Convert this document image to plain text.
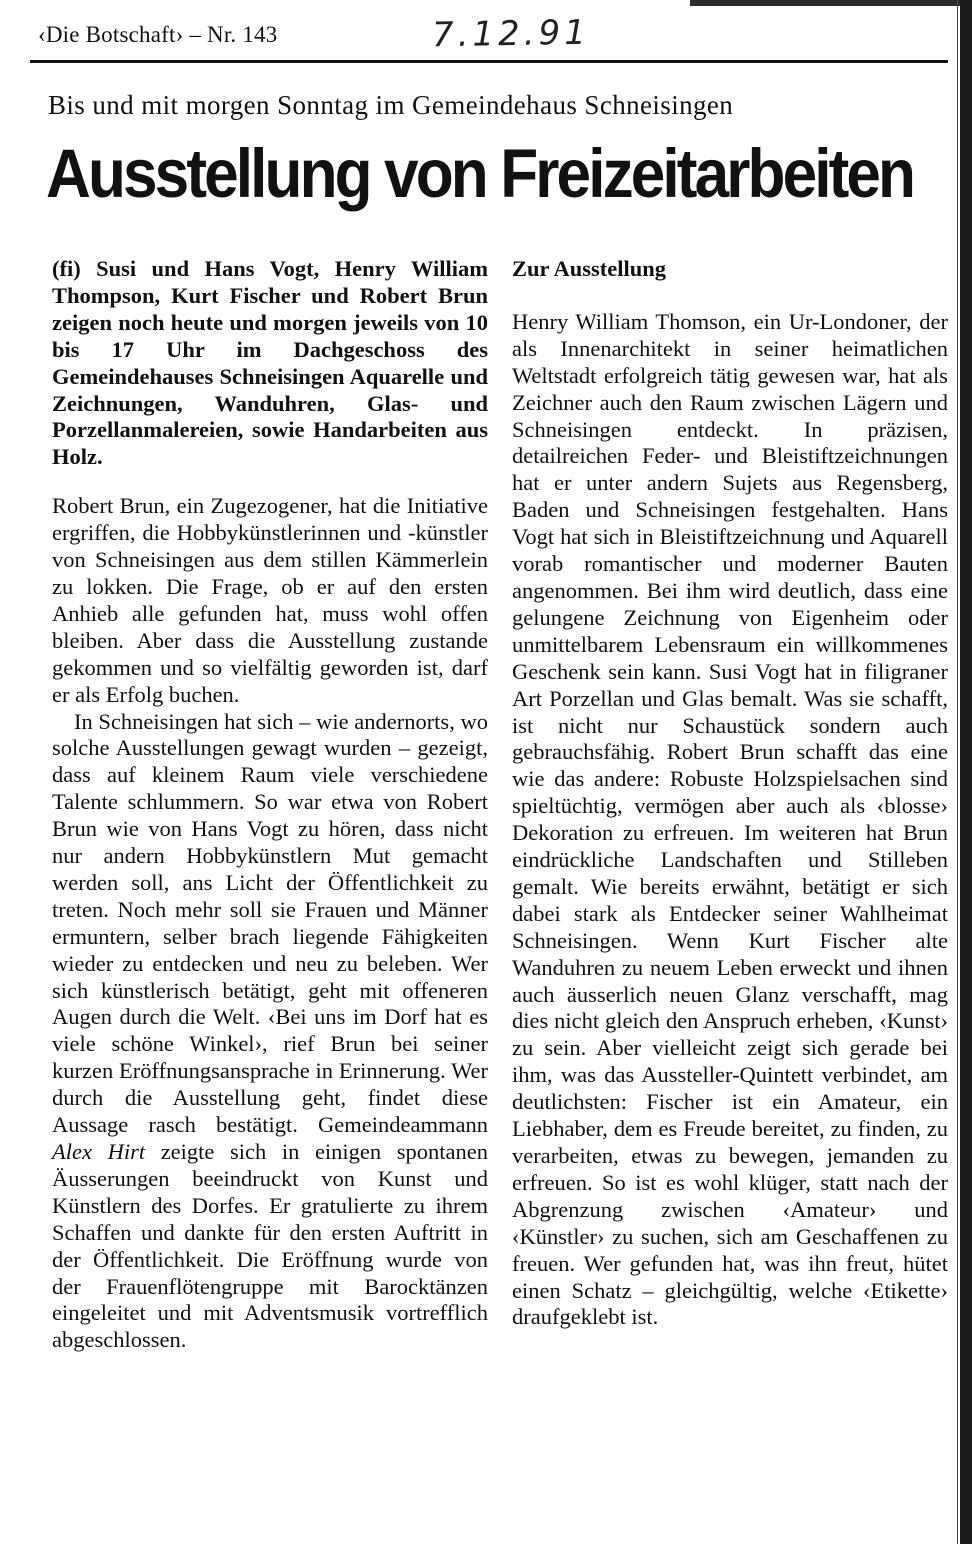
‹Die Botschaft› – Nr. 143	7.12.91
Bis und mit morgen Sonntag im Gemeindehaus Schneisingen
Ausstellung von Freizeitarbeiten

(fi) Susi und Hans Vogt, Henry William Thompson, Kurt Fischer und Robert Brun zeigen noch heute und morgen jeweils von 10 bis 17 Uhr im Dachgeschoss des Gemeindehauses Schneisingen Aquarelle und Zeichnungen, Wanduhren, Glas- und Porzellanmalereien, sowie Handarbeiten aus Holz.

Robert Brun, ein Zugezogener, hat die Initiative ergriffen, die Hobbykünstlerinnen und -künstler von Schneisingen aus dem stillen Kämmerlein zu lokken. Die Frage, ob er auf den ersten Anhieb alle gefunden hat, muss wohl offen bleiben. Aber dass die Ausstellung zustande gekommen und so vielfältig geworden ist, darf er als Erfolg buchen.

In Schneisingen hat sich – wie andernorts, wo solche Ausstellungen gewagt wurden – gezeigt, dass auf kleinem Raum viele verschiedene Talente schlummern. So war etwa von Robert Brun wie von Hans Vogt zu hören, dass nicht nur andern Hobbykünstlern Mut gemacht werden soll, ans Licht der Öffentlichkeit zu treten. Noch mehr soll sie Frauen und Männer ermuntern, selber brach liegende Fähigkeiten wieder zu entdecken und neu zu beleben. Wer sich künstlerisch betätigt, geht mit offeneren Augen durch die Welt. ‹Bei uns im Dorf hat es viele schöne Winkel›, rief Brun bei seiner kurzen Eröffnungsansprache in Erinnerung. Wer durch die Ausstellung geht, findet diese Aussage rasch bestätigt. Gemeindeammann Alex Hirt zeigte sich in einigen spontanen Äusserungen beeindruckt von Kunst und Künstlern des Dorfes. Er gratulierte zu ihrem Schaffen und dankte für den ersten Auftritt in der Öffentlichkeit. Die Eröffnung wurde von der Frauenflötengruppe mit Barocktänzen eingeleitet und mit Adventsmusik vortrefflich abgeschlossen.

Zur Ausstellung

Henry William Thomson, ein Ur-Londoner, der als Innenarchitekt in seiner heimatlichen Weltstadt erfolgreich tätig gewesen war, hat als Zeichner auch den Raum zwischen Lägern und Schneisingen entdeckt. In präzisen, detailreichen Feder- und Bleistiftzeichnungen hat er unter andern Sujets aus Regensberg, Baden und Schneisingen festgehalten. Hans Vogt hat sich in Bleistiftzeichnung und Aquarell vorab romantischer und moderner Bauten angenommen. Bei ihm wird deutlich, dass eine gelungene Zeichnung von Eigenheim oder unmittelbarem Lebensraum ein willkommenes Geschenk sein kann. Susi Vogt hat in filigraner Art Porzellan und Glas bemalt. Was sie schafft, ist nicht nur Schaustück sondern auch gebrauchsfähig. Robert Brun schafft das eine wie das andere: Robuste Holzspielsachen sind spieltüchtig, vermögen aber auch als ‹blosse› Dekoration zu erfreuen. Im weiteren hat Brun eindrückliche Landschaften und Stilleben gemalt. Wie bereits erwähnt, betätigt er sich dabei stark als Entdecker seiner Wahlheimat Schneisingen. Wenn Kurt Fischer alte Wanduhren zu neuem Leben erweckt und ihnen auch äusserlich neuen Glanz verschafft, mag dies nicht gleich den Anspruch erheben, ‹Kunst› zu sein. Aber vielleicht zeigt sich gerade bei ihm, was das Aussteller-Quintett verbindet, am deutlichsten: Fischer ist ein Amateur, ein Liebhaber, dem es Freude bereitet, zu finden, zu verarbeiten, etwas zu bewegen, jemanden zu erfreuen. So ist es wohl klüger, statt nach der Abgrenzung zwischen ‹Amateur› und ‹Künstler› zu suchen, sich am Geschaffenen zu freuen. Wer gefunden hat, was ihn freut, hütet einen Schatz – gleichgültig, welche ‹Etikette› draufgeklebt ist.
